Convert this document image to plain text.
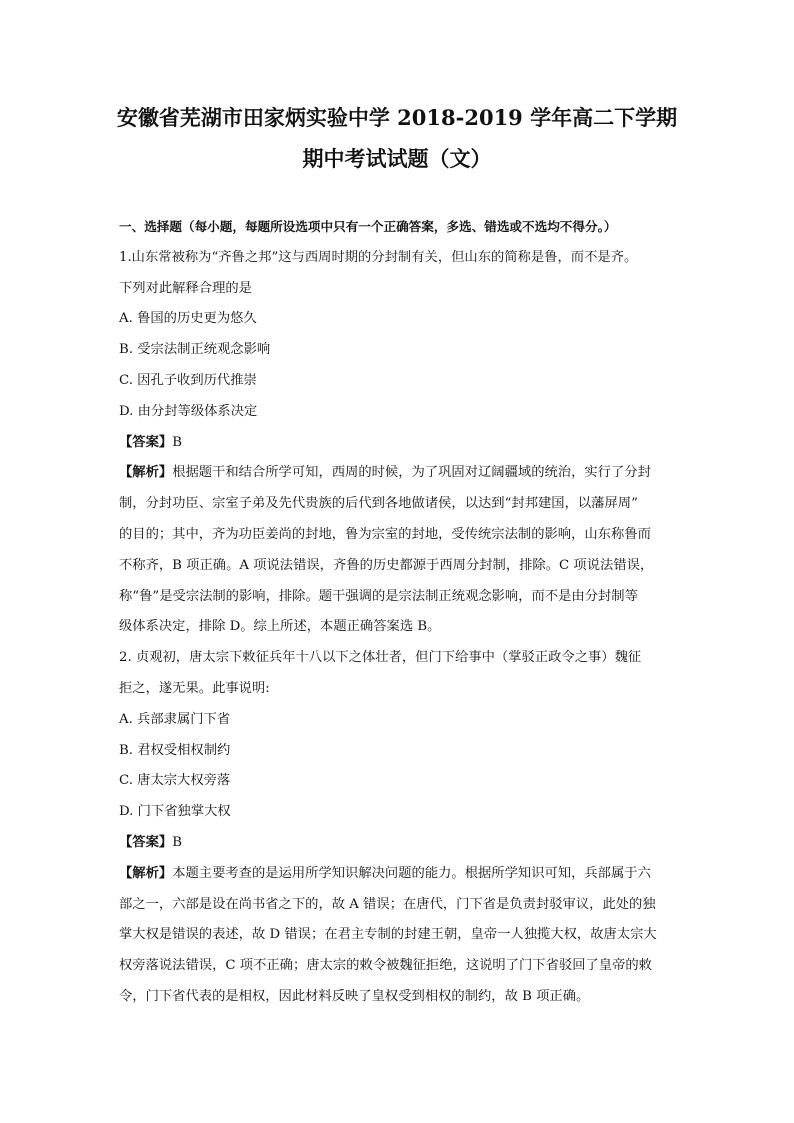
安徽省芜湖市田家炳实验中学 2018-2019 学年高二下学期
期中考试试题（文）
一、选择题（每小题，每题所设选项中只有一个正确答案，多选、错选或不选均不得分。）
1.山东常被称为“齐鲁之邦”这与西周时期的分封制有关，但山东的简称是鲁，而不是齐。
下列对此解释合理的是
A. 鲁国的历史更为悠久
B. 受宗法制正统观念影响
C. 因孔子收到历代推崇
D. 由分封等级体系决定
【答案】B
【解析】根据题干和结合所学可知，西周的时候，为了巩固对辽阔疆域的统治，实行了分封
制，分封功臣、宗室子弟及先代贵族的后代到各地做诸侯，以达到“封邦建国，以藩屏周”
的目的；其中，齐为功臣姜尚的封地，鲁为宗室的封地，受传统宗法制的影响，山东称鲁而
不称齐，B 项正确。A 项说法错误，齐鲁的历史都源于西周分封制，排除。C 项说法错误，
称“鲁”是受宗法制的影响，排除。题干强调的是宗法制正统观念影响，而不是由分封制等
级体系决定，排除 D。综上所述，本题正确答案选 B。
2. 贞观初，唐太宗下敕征兵年十八以下之体壮者，但门下给事中（掌驳正政令之事）魏征
拒之，遂无果。此事说明:
A. 兵部隶属门下省
B. 君权受相权制约
C. 唐太宗大权旁落
D. 门下省独掌大权
【答案】B
【解析】本题主要考查的是运用所学知识解决问题的能力。根据所学知识可知，兵部属于六
部之一，六部是设在尚书省之下的，故 A 错误；在唐代，门下省是负责封驳审议，此处的独
掌大权是错误的表述，故 D 错误；在君主专制的封建王朝，皇帝一人独揽大权，故唐太宗大
权旁落说法错误，C 项不正确；唐太宗的敕令被魏征拒绝，这说明了门下省驳回了皇帝的敕
令，门下省代表的是相权，因此材料反映了皇权受到相权的制约，故 B 项正确。
